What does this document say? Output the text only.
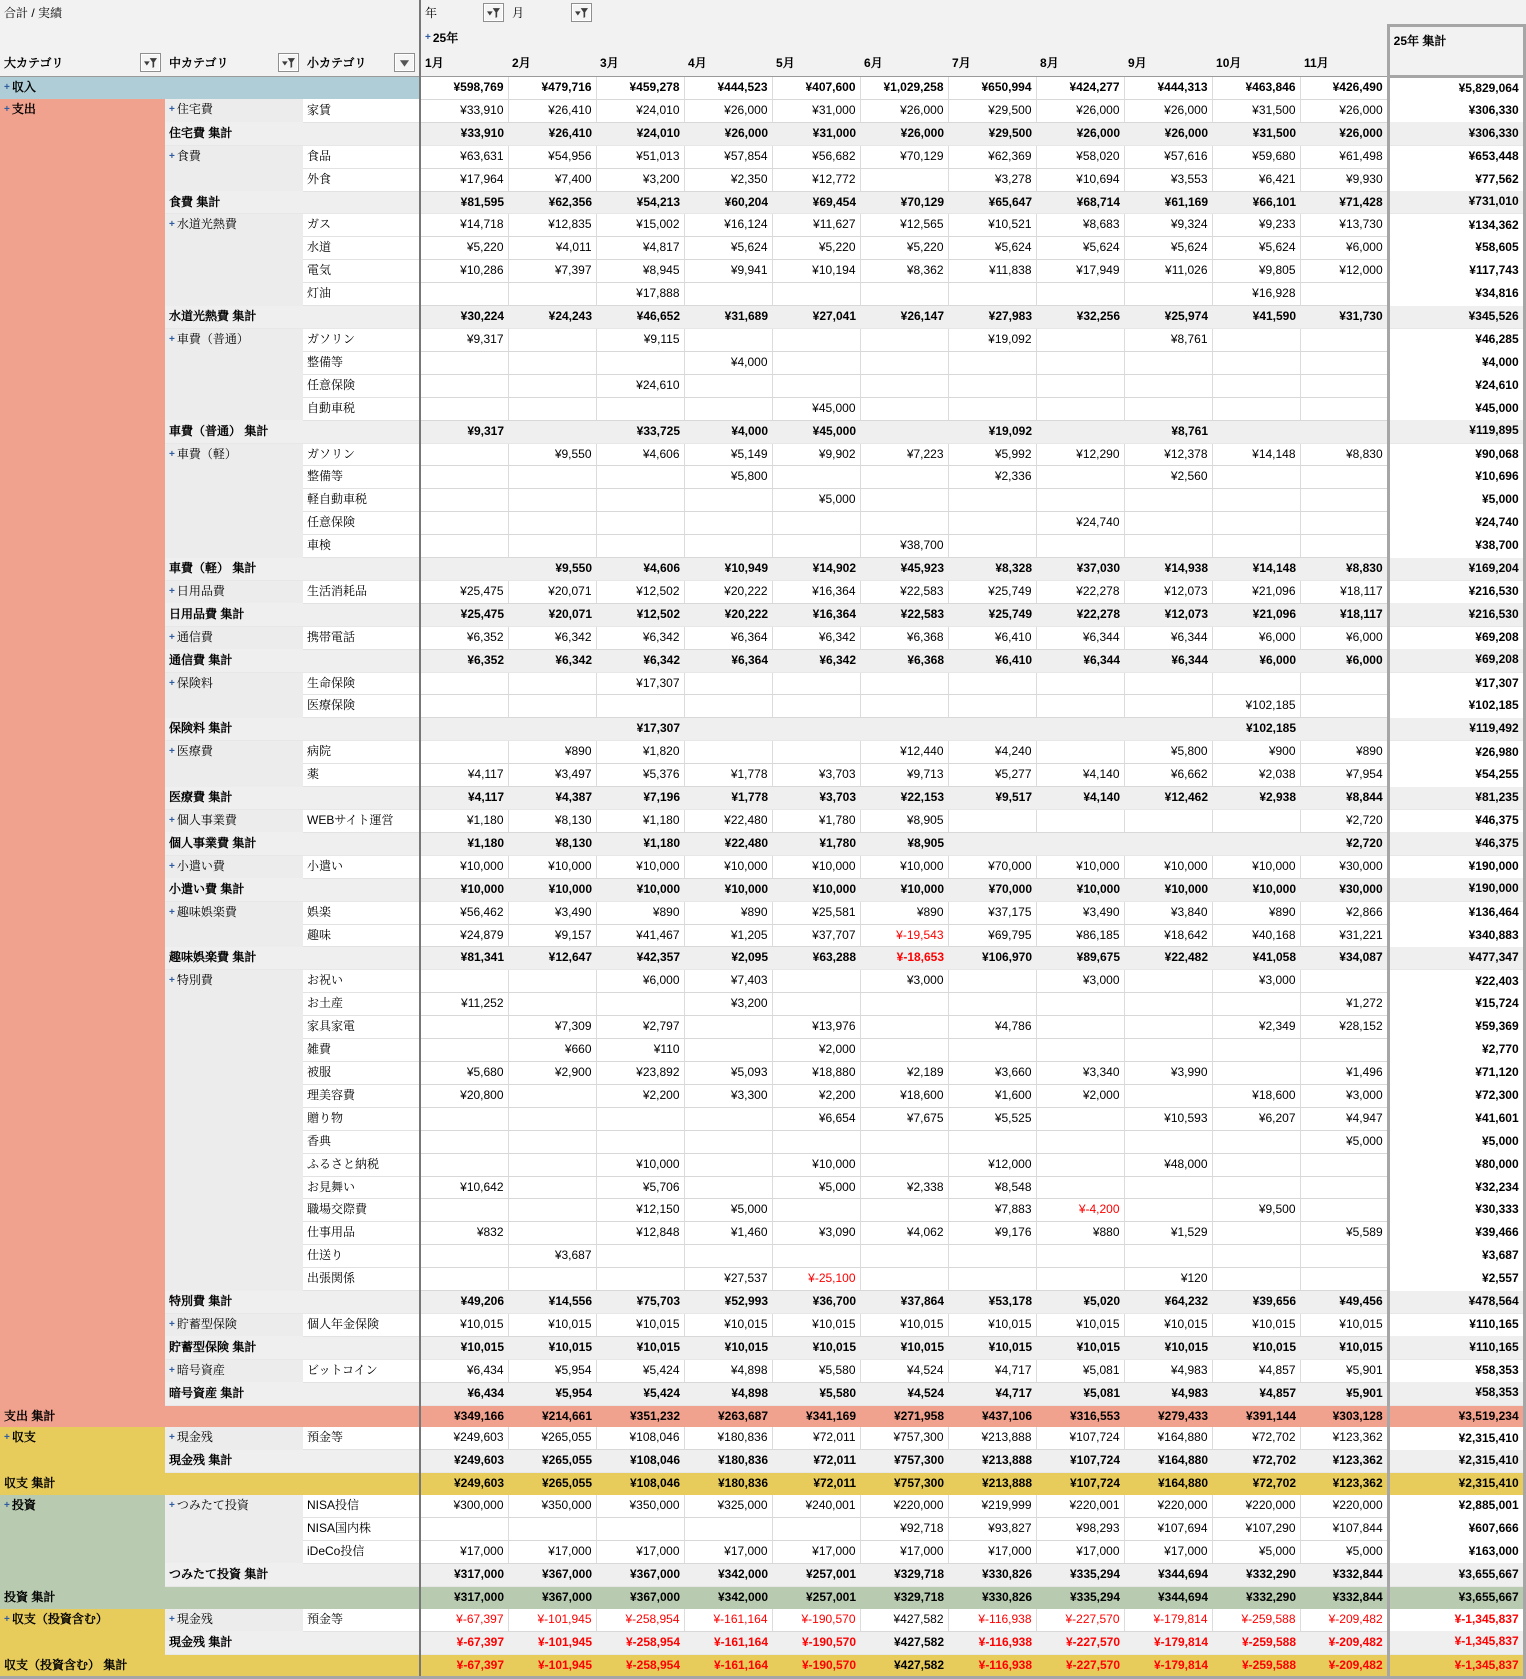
合計 / 実績			年	月										

			+ 25年											25年 集計

大カテゴリ	中カテゴリ	小カテゴリ	1月	2月	3月	4月	5月	6月	7月	8月	9月	10月	11月	
+ 収入			¥598,769	¥479,716	¥459,278	¥444,523	¥407,600	¥1,029,258	¥650,994	¥424,277	¥444,313	¥463,846	¥426,490	¥5,829,064
+ 支出	+ 住宅費	家賃	¥33,910	¥26,410	¥24,010	¥26,000	¥31,000	¥26,000	¥29,500	¥26,000	¥26,000	¥31,500	¥26,000	¥306,330
	住宅費 集計		¥33,910	¥26,410	¥24,010	¥26,000	¥31,000	¥26,000	¥29,500	¥26,000	¥26,000	¥31,500	¥26,000	¥306,330
	+ 食費	食品	¥63,631	¥54,956	¥51,013	¥57,854	¥56,682	¥70,129	¥62,369	¥58,020	¥57,616	¥59,680	¥61,498	¥653,448
		外食	¥17,964	¥7,400	¥3,200	¥2,350	¥12,772		¥3,278	¥10,694	¥3,553	¥6,421	¥9,930	¥77,562
	食費 集計		¥81,595	¥62,356	¥54,213	¥60,204	¥69,454	¥70,129	¥65,647	¥68,714	¥61,169	¥66,101	¥71,428	¥731,010
	+ 水道光熱費	ガス	¥14,718	¥12,835	¥15,002	¥16,124	¥11,627	¥12,565	¥10,521	¥8,683	¥9,324	¥9,233	¥13,730	¥134,362
		水道	¥5,220	¥4,011	¥4,817	¥5,624	¥5,220	¥5,220	¥5,624	¥5,624	¥5,624	¥5,624	¥6,000	¥58,605
		電気	¥10,286	¥7,397	¥8,945	¥9,941	¥10,194	¥8,362	¥11,838	¥17,949	¥11,026	¥9,805	¥12,000	¥117,743
		灯油			¥17,888							¥16,928		¥34,816
	水道光熱費 集計		¥30,224	¥24,243	¥46,652	¥31,689	¥27,041	¥26,147	¥27,983	¥32,256	¥25,974	¥41,590	¥31,730	¥345,526
	+ 車費（普通）	ガソリン	¥9,317		¥9,115				¥19,092		¥8,761			¥46,285
		整備等				¥4,000								¥4,000
		任意保険			¥24,610									¥24,610
		自動車税					¥45,000							¥45,000
	車費（普通） 集計		¥9,317		¥33,725	¥4,000	¥45,000		¥19,092		¥8,761			¥119,895
	+ 車費（軽）	ガソリン		¥9,550	¥4,606	¥5,149	¥9,902	¥7,223	¥5,992	¥12,290	¥12,378	¥14,148	¥8,830	¥90,068
		整備等				¥5,800			¥2,336		¥2,560			¥10,696
		軽自動車税					¥5,000							¥5,000
		任意保険								¥24,740				¥24,740
		車検						¥38,700						¥38,700
	車費（軽） 集計			¥9,550	¥4,606	¥10,949	¥14,902	¥45,923	¥8,328	¥37,030	¥14,938	¥14,148	¥8,830	¥169,204
	+ 日用品費	生活消耗品	¥25,475	¥20,071	¥12,502	¥20,222	¥16,364	¥22,583	¥25,749	¥22,278	¥12,073	¥21,096	¥18,117	¥216,530
	日用品費 集計		¥25,475	¥20,071	¥12,502	¥20,222	¥16,364	¥22,583	¥25,749	¥22,278	¥12,073	¥21,096	¥18,117	¥216,530
	+ 通信費	携帯電話	¥6,352	¥6,342	¥6,342	¥6,364	¥6,342	¥6,368	¥6,410	¥6,344	¥6,344	¥6,000	¥6,000	¥69,208
	通信費 集計		¥6,352	¥6,342	¥6,342	¥6,364	¥6,342	¥6,368	¥6,410	¥6,344	¥6,344	¥6,000	¥6,000	¥69,208
	+ 保険料	生命保険			¥17,307									¥17,307
		医療保険										¥102,185		¥102,185
	保険料 集計				¥17,307							¥102,185		¥119,492
	+ 医療費	病院		¥890	¥1,820			¥12,440	¥4,240		¥5,800	¥900	¥890	¥26,980
		薬	¥4,117	¥3,497	¥5,376	¥1,778	¥3,703	¥9,713	¥5,277	¥4,140	¥6,662	¥2,038	¥7,954	¥54,255
	医療費 集計		¥4,117	¥4,387	¥7,196	¥1,778	¥3,703	¥22,153	¥9,517	¥4,140	¥12,462	¥2,938	¥8,844	¥81,235
	+ 個人事業費	WEBサイト運営	¥1,180	¥8,130	¥1,180	¥22,480	¥1,780	¥8,905					¥2,720	¥46,375
	個人事業費 集計		¥1,180	¥8,130	¥1,180	¥22,480	¥1,780	¥8,905					¥2,720	¥46,375
	+ 小遣い費	小遣い	¥10,000	¥10,000	¥10,000	¥10,000	¥10,000	¥10,000	¥70,000	¥10,000	¥10,000	¥10,000	¥30,000	¥190,000
	小遣い費 集計		¥10,000	¥10,000	¥10,000	¥10,000	¥10,000	¥10,000	¥70,000	¥10,000	¥10,000	¥10,000	¥30,000	¥190,000
	+ 趣味娯楽費	娯楽	¥56,462	¥3,490	¥890	¥890	¥25,581	¥890	¥37,175	¥3,490	¥3,840	¥890	¥2,866	¥136,464
		趣味	¥24,879	¥9,157	¥41,467	¥1,205	¥37,707	¥-19,543	¥69,795	¥86,185	¥18,642	¥40,168	¥31,221	¥340,883
	趣味娯楽費 集計		¥81,341	¥12,647	¥42,357	¥2,095	¥63,288	¥-18,653	¥106,970	¥89,675	¥22,482	¥41,058	¥34,087	¥477,347
	+ 特別費	お祝い			¥6,000	¥7,403		¥3,000		¥3,000		¥3,000		¥22,403
		お土産	¥11,252			¥3,200							¥1,272	¥15,724
		家具家電		¥7,309	¥2,797		¥13,976		¥4,786			¥2,349	¥28,152	¥59,369
		雑費		¥660	¥110		¥2,000							¥2,770
		被服	¥5,680	¥2,900	¥23,892	¥5,093	¥18,880	¥2,189	¥3,660	¥3,340	¥3,990		¥1,496	¥71,120
		理美容費	¥20,800		¥2,200	¥3,300	¥2,200	¥18,600	¥1,600	¥2,000		¥18,600	¥3,000	¥72,300
		贈り物					¥6,654	¥7,675	¥5,525		¥10,593	¥6,207	¥4,947	¥41,601
		香典											¥5,000	¥5,000
		ふるさと納税			¥10,000		¥10,000		¥12,000		¥48,000			¥80,000
		お見舞い	¥10,642		¥5,706		¥5,000	¥2,338	¥8,548					¥32,234
		職場交際費			¥12,150	¥5,000			¥7,883	¥-4,200		¥9,500		¥30,333
		仕事用品	¥832		¥12,848	¥1,460	¥3,090	¥4,062	¥9,176	¥880	¥1,529		¥5,589	¥39,466
		仕送り		¥3,687										¥3,687
		出張関係				¥27,537	¥-25,100				¥120			¥2,557
	特別費 集計		¥49,206	¥14,556	¥75,703	¥52,993	¥36,700	¥37,864	¥53,178	¥5,020	¥64,232	¥39,656	¥49,456	¥478,564
	+ 貯蓄型保険	個人年金保険	¥10,015	¥10,015	¥10,015	¥10,015	¥10,015	¥10,015	¥10,015	¥10,015	¥10,015	¥10,015	¥10,015	¥110,165
	貯蓄型保険 集計		¥10,015	¥10,015	¥10,015	¥10,015	¥10,015	¥10,015	¥10,015	¥10,015	¥10,015	¥10,015	¥10,015	¥110,165
	+ 暗号資産	ビットコイン	¥6,434	¥5,954	¥5,424	¥4,898	¥5,580	¥4,524	¥4,717	¥5,081	¥4,983	¥4,857	¥5,901	¥58,353
	暗号資産 集計		¥6,434	¥5,954	¥5,424	¥4,898	¥5,580	¥4,524	¥4,717	¥5,081	¥4,983	¥4,857	¥5,901	¥58,353
支出 集計			¥349,166	¥214,661	¥351,232	¥263,687	¥341,169	¥271,958	¥437,106	¥316,553	¥279,433	¥391,144	¥303,128	¥3,519,234
+ 収支	+ 現金残	預金等	¥249,603	¥265,055	¥108,046	¥180,836	¥72,011	¥757,300	¥213,888	¥107,724	¥164,880	¥72,702	¥123,362	¥2,315,410
	現金残 集計		¥249,603	¥265,055	¥108,046	¥180,836	¥72,011	¥757,300	¥213,888	¥107,724	¥164,880	¥72,702	¥123,362	¥2,315,410
収支 集計			¥249,603	¥265,055	¥108,046	¥180,836	¥72,011	¥757,300	¥213,888	¥107,724	¥164,880	¥72,702	¥123,362	¥2,315,410
+ 投資	+ つみたて投資	NISA投信	¥300,000	¥350,000	¥350,000	¥325,000	¥240,001	¥220,000	¥219,999	¥220,001	¥220,000	¥220,000	¥220,000	¥2,885,001
		NISA国内株						¥92,718	¥93,827	¥98,293	¥107,694	¥107,290	¥107,844	¥607,666
		iDeCo投信	¥17,000	¥17,000	¥17,000	¥17,000	¥17,000	¥17,000	¥17,000	¥17,000	¥17,000	¥5,000	¥5,000	¥163,000
	つみたて投資 集計		¥317,000	¥367,000	¥367,000	¥342,000	¥257,001	¥329,718	¥330,826	¥335,294	¥344,694	¥332,290	¥332,844	¥3,655,667
投資 集計			¥317,000	¥367,000	¥367,000	¥342,000	¥257,001	¥329,718	¥330,826	¥335,294	¥344,694	¥332,290	¥332,844	¥3,655,667
+ 収支（投資含む）	+ 現金残	預金等	¥-67,397	¥-101,945	¥-258,954	¥-161,164	¥-190,570	¥427,582	¥-116,938	¥-227,570	¥-179,814	¥-259,588	¥-209,482	¥-1,345,837
	現金残 集計		¥-67,397	¥-101,945	¥-258,954	¥-161,164	¥-190,570	¥427,582	¥-116,938	¥-227,570	¥-179,814	¥-259,588	¥-209,482	¥-1,345,837
収支（投資含む） 集計			¥-67,397	¥-101,945	¥-258,954	¥-161,164	¥-190,570	¥427,582	¥-116,938	¥-227,570	¥-179,814	¥-259,588	¥-209,482	¥-1,345,837
